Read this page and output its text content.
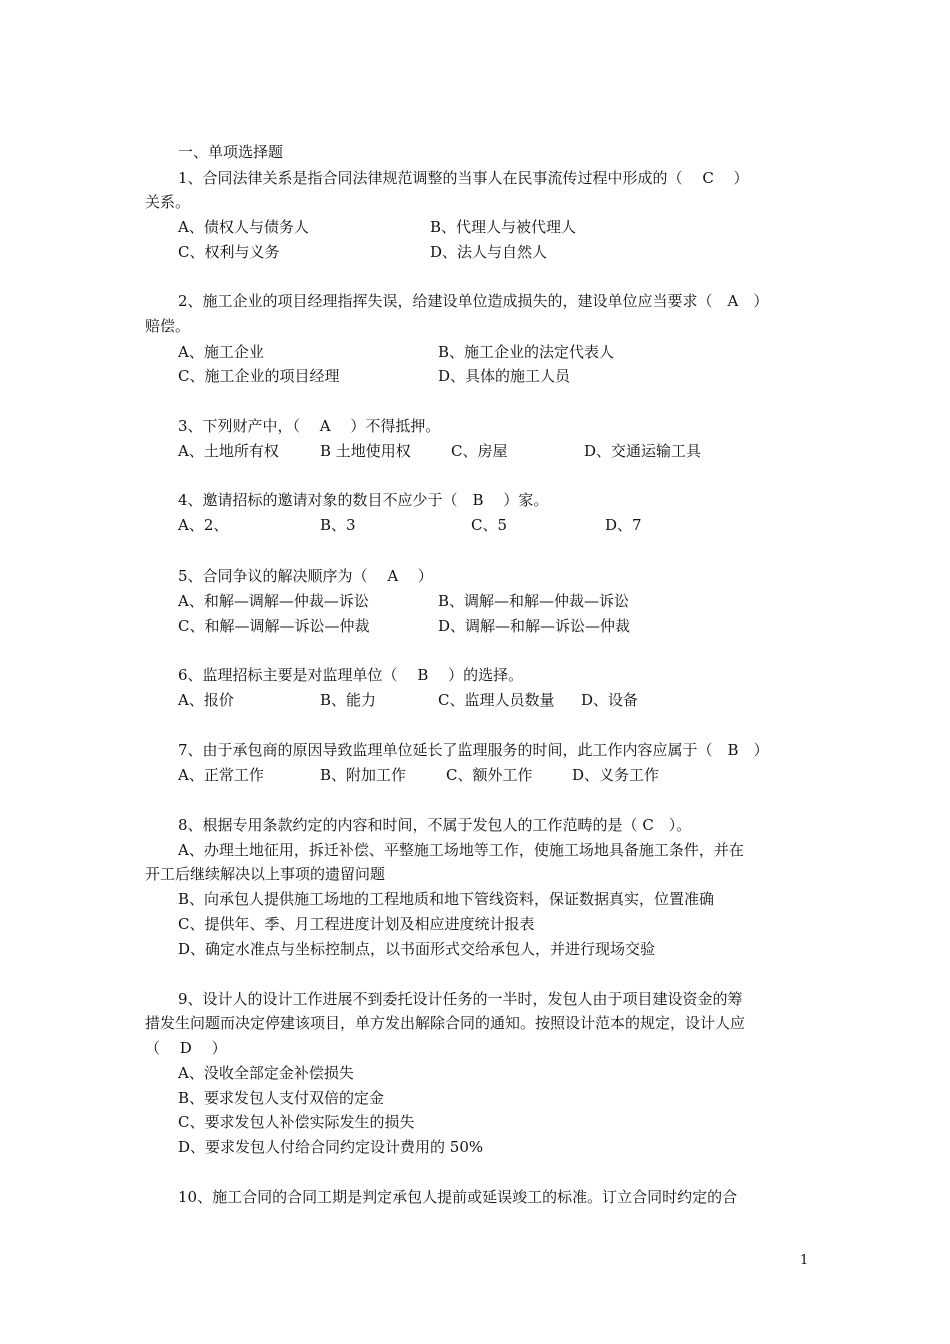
一、单项选择题
1、合同法律关系是指合同法律规范调整的当事人在民事流传过程中形成的（　 C　 ）
关系。
A、债权人与债务人	B、代理人与被代理人
C、权利与义务	D、法人与自然人
2、施工企业的项目经理指挥失误，给建设单位造成损失的，建设单位应当要求（　A　）
赔偿。
A、施工企业	B、施工企业的法定代表人
C、施工企业的项目经理	D、具体的施工人员
3、下列财产中，（　 A　 ）不得抵押。
A、土地所有权	B 土地使用权	C、房屋	D、交通运输工具
4、邀请招标的邀请对象的数目不应少于（　B　 ）家。
A、2、	B、3	C、5	D、7
5、合同争议的解决顺序为（　 A　 ）
A、和解—调解—仲裁—诉讼	B、调解—和解—仲裁—诉讼
C、和解—调解—诉讼—仲裁	D、调解—和解—诉讼—仲裁
6、监理招标主要是对监理单位（　 B　 ）的选择。
A、报价	B、能力	C、监理人员数量 D、设备
7、由于承包商的原因导致监理单位延长了监理服务的时间，此工作内容应属于（　B　）
A、正常工作	B、附加工作	C、额外工作	D、义务工作
8、根据专用条款约定的内容和时间，不属于发包人的工作范畴的是（ C　）。
A、办理土地征用，拆迁补偿、平整施工场地等工作，使施工场地具备施工条件，并在
开工后继续解决以上事项的遗留问题
B、向承包人提供施工场地的工程地质和地下管线资料，保证数据真实，位置准确
C、提供年、季、月工程进度计划及相应进度统计报表
D、确定水准点与坐标控制点，以书面形式交给承包人，并进行现场交验
9、设计人的设计工作进展不到委托设计任务的一半时，发包人由于项目建设资金的筹
措发生问题而决定停建该项目，单方发出解除合同的通知。按照设计范本的规定，设计人应
（　 D　 ）
A、没收全部定金补偿损失
B、要求发包人支付双倍的定金
C、要求发包人补偿实际发生的损失
D、要求发包人付给合同约定设计费用的 50%
10、施工合同的合同工期是判定承包人提前或延误竣工的标准。订立合同时约定的合
1
